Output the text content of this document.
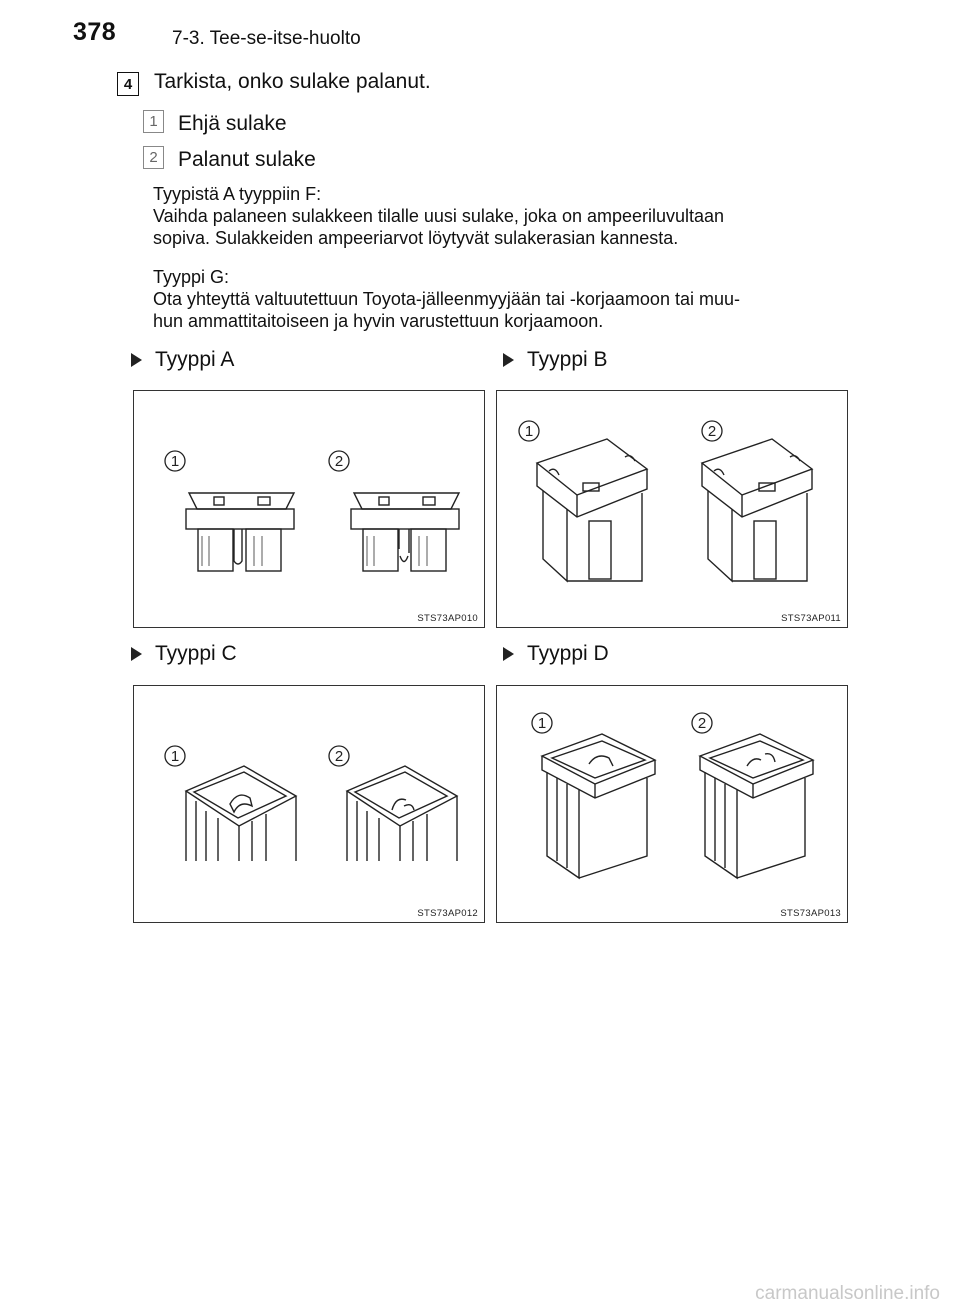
378	7-3. Tee-se-itse-huolto
4	Tarkista, onko sulake palanut.
1 Ehjä sulake
2 Palanut sulake
Tyypistä A tyyppiin F:
Vaihda palaneen sulakkeen tilalle uusi sulake, joka on ampeeriluvultaan
sopiva. Sulakkeiden ampeeriarvot löytyvät sulakerasian kannesta.
Tyyppi G:
Ota yhteyttä valtuutettuun Toyota-jälleenmyyjään tai -korjaamoon tai muu-
hun ammattitaitoiseen ja hyvin varustettuun korjaamoon.
Tyyppi A	Tyyppi B
Tyyppi C	Tyyppi D
1	2
STS73AP010
1	2
STS73AP011
1	2
STS73AP012
1	2
STS73AP013
carmanualsonline.info
